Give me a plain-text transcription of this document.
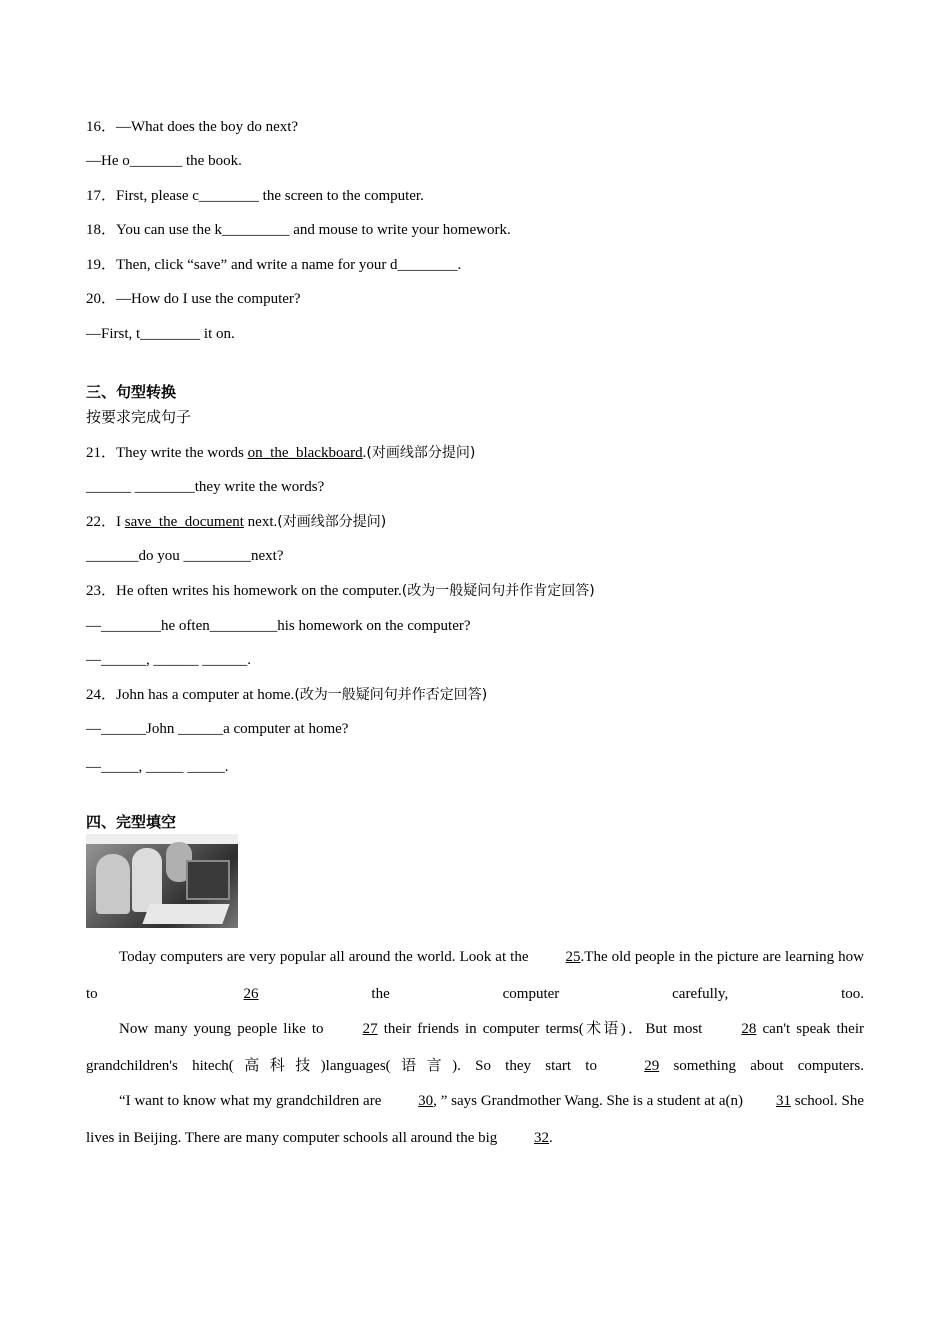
16．—What does the boy do next?
—He o_______ the book.
17．First, please c________ the screen to the computer.
18．You can use the k_________ and mouse to write your homework.
19．Then, click “save” and write a name for your d________.
20．—How do I use the computer?
—First, t________ it on.
三、句型转换
按要求完成句子
21．They write the words on_the_blackboard.(对画线部分提问)
______ ________they write the words?
22．I save_the_document next.(对画线部分提问)
_______do you _________next?
23．He often writes his homework on the computer.(改为一般疑问句并作肯定回答)
—________he often_________his homework on the computer?
—______, ______ ______.
24．John has a computer at home.(改为一般疑问句并作否定回答)
—______John ______a computer at home?
—_____, _____ _____.
四、完型填空
Today computers are very popular all around the world. Look at the 25.The old people in the picture are learning how to 26 the computer carefully, too.
Now many young people like to 27 their friends in computer terms(术语)．But most 28 can't speak their grandchildren's hitech(高科技)languages(语言). So they start to 29 something about computers.
“I want to know what my grandchildren are 30, ” says Grandmother Wang. She is a student at a(n)31 school. She lives in Beijing. There are many computer schools all around the big 32.
